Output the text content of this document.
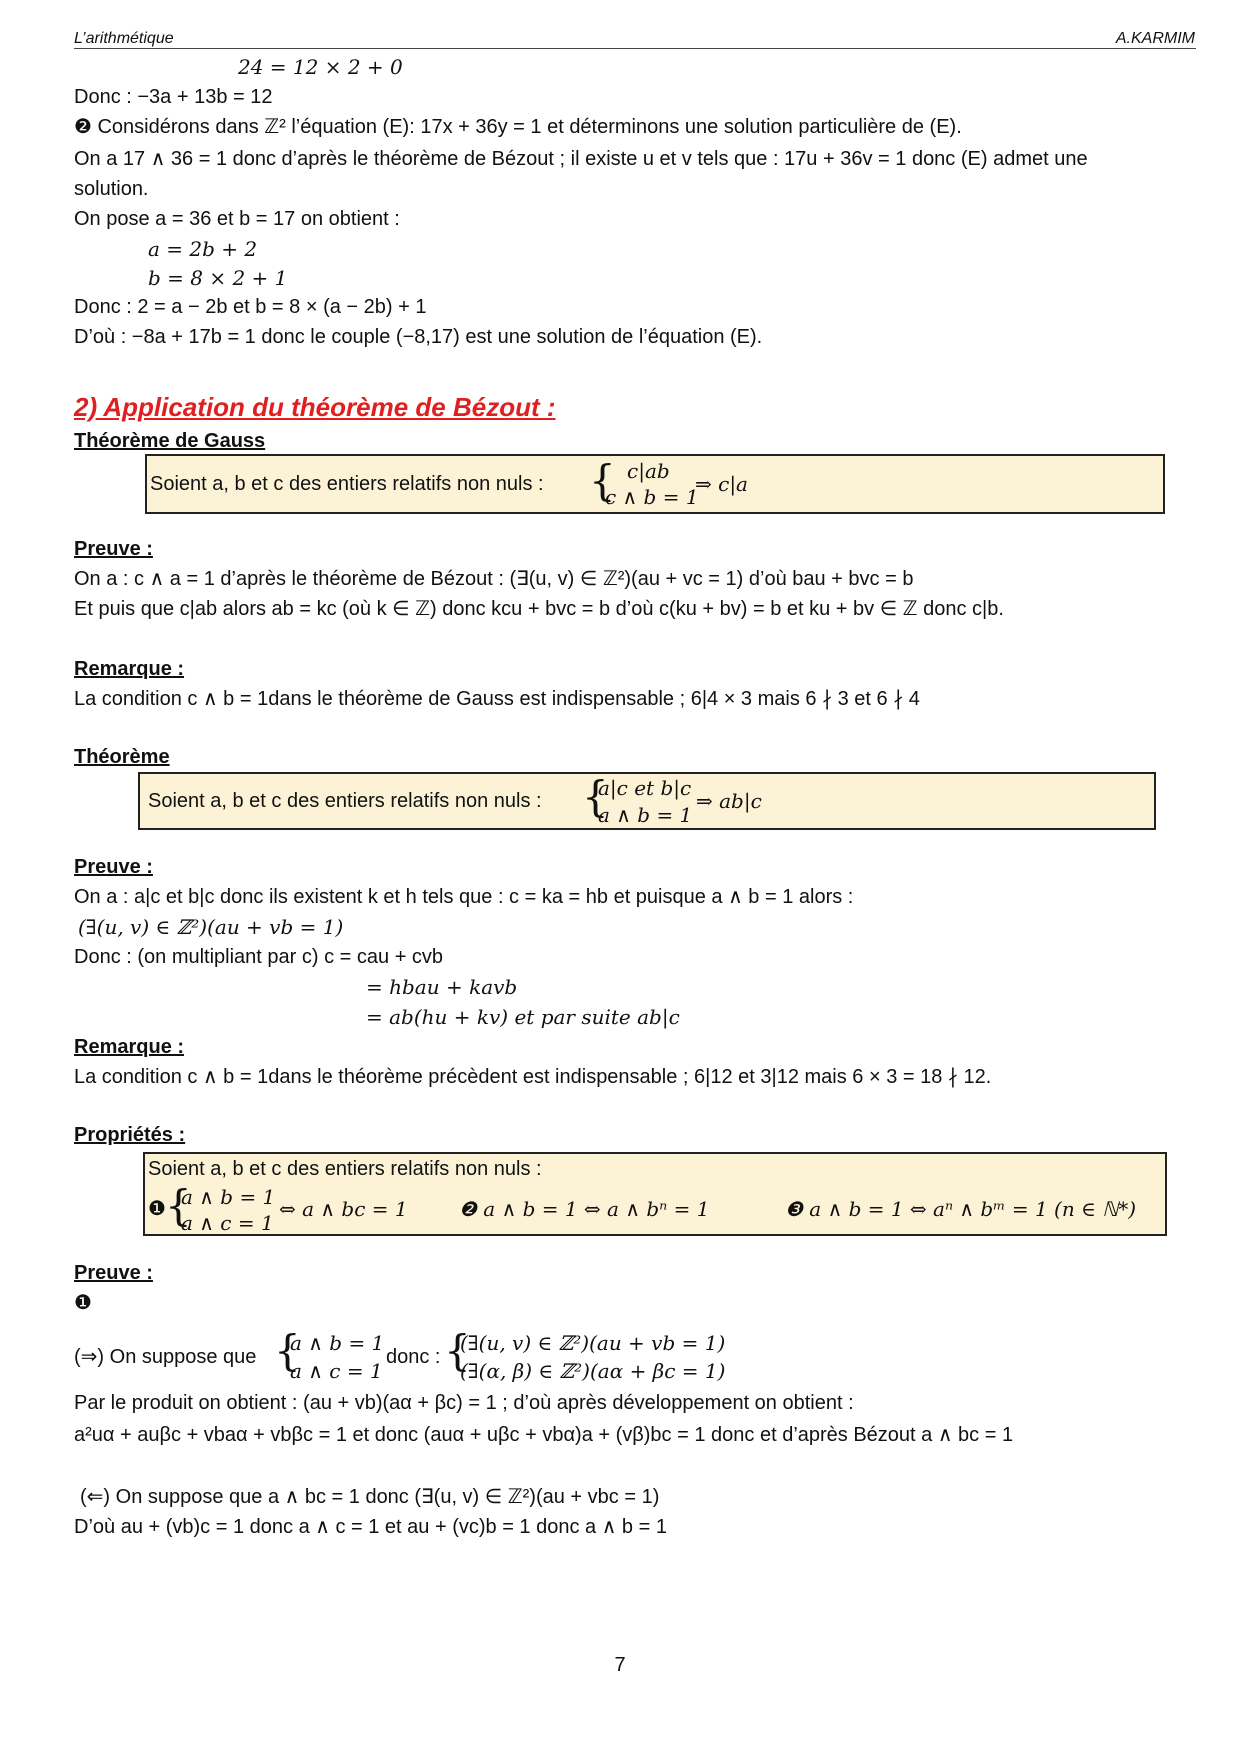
L’arithmétique	A.KARMIM
24 = 12 × 2 + 0
Donc : −3a + 13b = 12
❷ Considérons dans ℤ² l’équation (E): 17x + 36y = 1 et déterminons une solution particulière de (E).
On a 17 ∧ 36 = 1 donc d’après le théorème de Bézout ; il existe u et v tels que : 17u + 36v = 1 donc (E) admet une
solution.
On pose a = 36 et b = 17 on obtient :
a = 2b + 2
b = 8 × 2 + 1
Donc : 2 = a − 2b et b = 8 × (a − 2b) + 1
D’où : −8a + 17b = 1 donc le couple (−8,17) est une solution de l’équation (E).
2) Application du théorème de Bézout :
Théorème de Gauss
Soient a, b et c des entiers relatifs non nuls : { c|ab
c ∧ b = 1
⇒ c|a
Preuve :
On a : c ∧ a = 1 d’après le théorème de Bézout : (∃(u, v) ∈ ℤ²)(au + vc = 1) d’où bau + bvc = b
Et puis que c|ab alors ab = kc (où k ∈ ℤ) donc kcu + bvc = b d’où c(ku + bv) = b et ku + bv ∈ ℤ donc c|b.
Remarque :
La condition c ∧ b = 1dans le théorème de Gauss est indispensable ; 6|4 × 3 mais 6 ∤ 3 et 6 ∤ 4
Théorème
Soient a, b et c des entiers relatifs non nuls : {
a|c et b|c
a ∧ b = 1
⇒ ab|c
Preuve :
On a : a|c et b|c donc ils existent k et h tels que : c = ka = hb et puisque a ∧ b = 1 alors :
(∃(u, v) ∈ ℤ²)(au + vb = 1)
Donc : (on multipliant par c) c = cau + cvb
= hbau + kavb
= ab(hu + kv) et par suite ab|c
Remarque :
La condition c ∧ b = 1dans le théorème précèdent est indispensable ; 6|12 et 3|12 mais 6 × 3 = 18 ∤ 12.
Propriétés :
Soient a, b et c des entiers relatifs non nuls :
❶ {
a ∧ b = 1
a ∧ c = 1
⇔ a ∧ bc = 1	❷ a ∧ b = 1 ⇔ a ∧ bⁿ = 1	❸ a ∧ b = 1 ⇔ aⁿ ∧ bᵐ = 1 (n ∈ ℕ*)
Preuve :
❶
(⇒) On suppose que {
a ∧ b = 1
a ∧ c = 1
donc : {
(∃(u, v) ∈ ℤ²)(au + vb = 1)
(∃(α, β) ∈ ℤ²)(aα + βc = 1)
Par le produit on obtient : (au + vb)(aα + βc) = 1 ; d’où après développement on obtient :
a²uα + auβc + vbaα + vbβc = 1 et donc (auα + uβc + vbα)a + (vβ)bc = 1 donc et d’après Bézout a ∧ bc = 1
(⇐) On suppose que a ∧ bc = 1 donc (∃(u, v) ∈ ℤ²)(au + vbc = 1)
D’où au + (vb)c = 1 donc a ∧ c = 1 et au + (vc)b = 1 donc a ∧ b = 1
7
